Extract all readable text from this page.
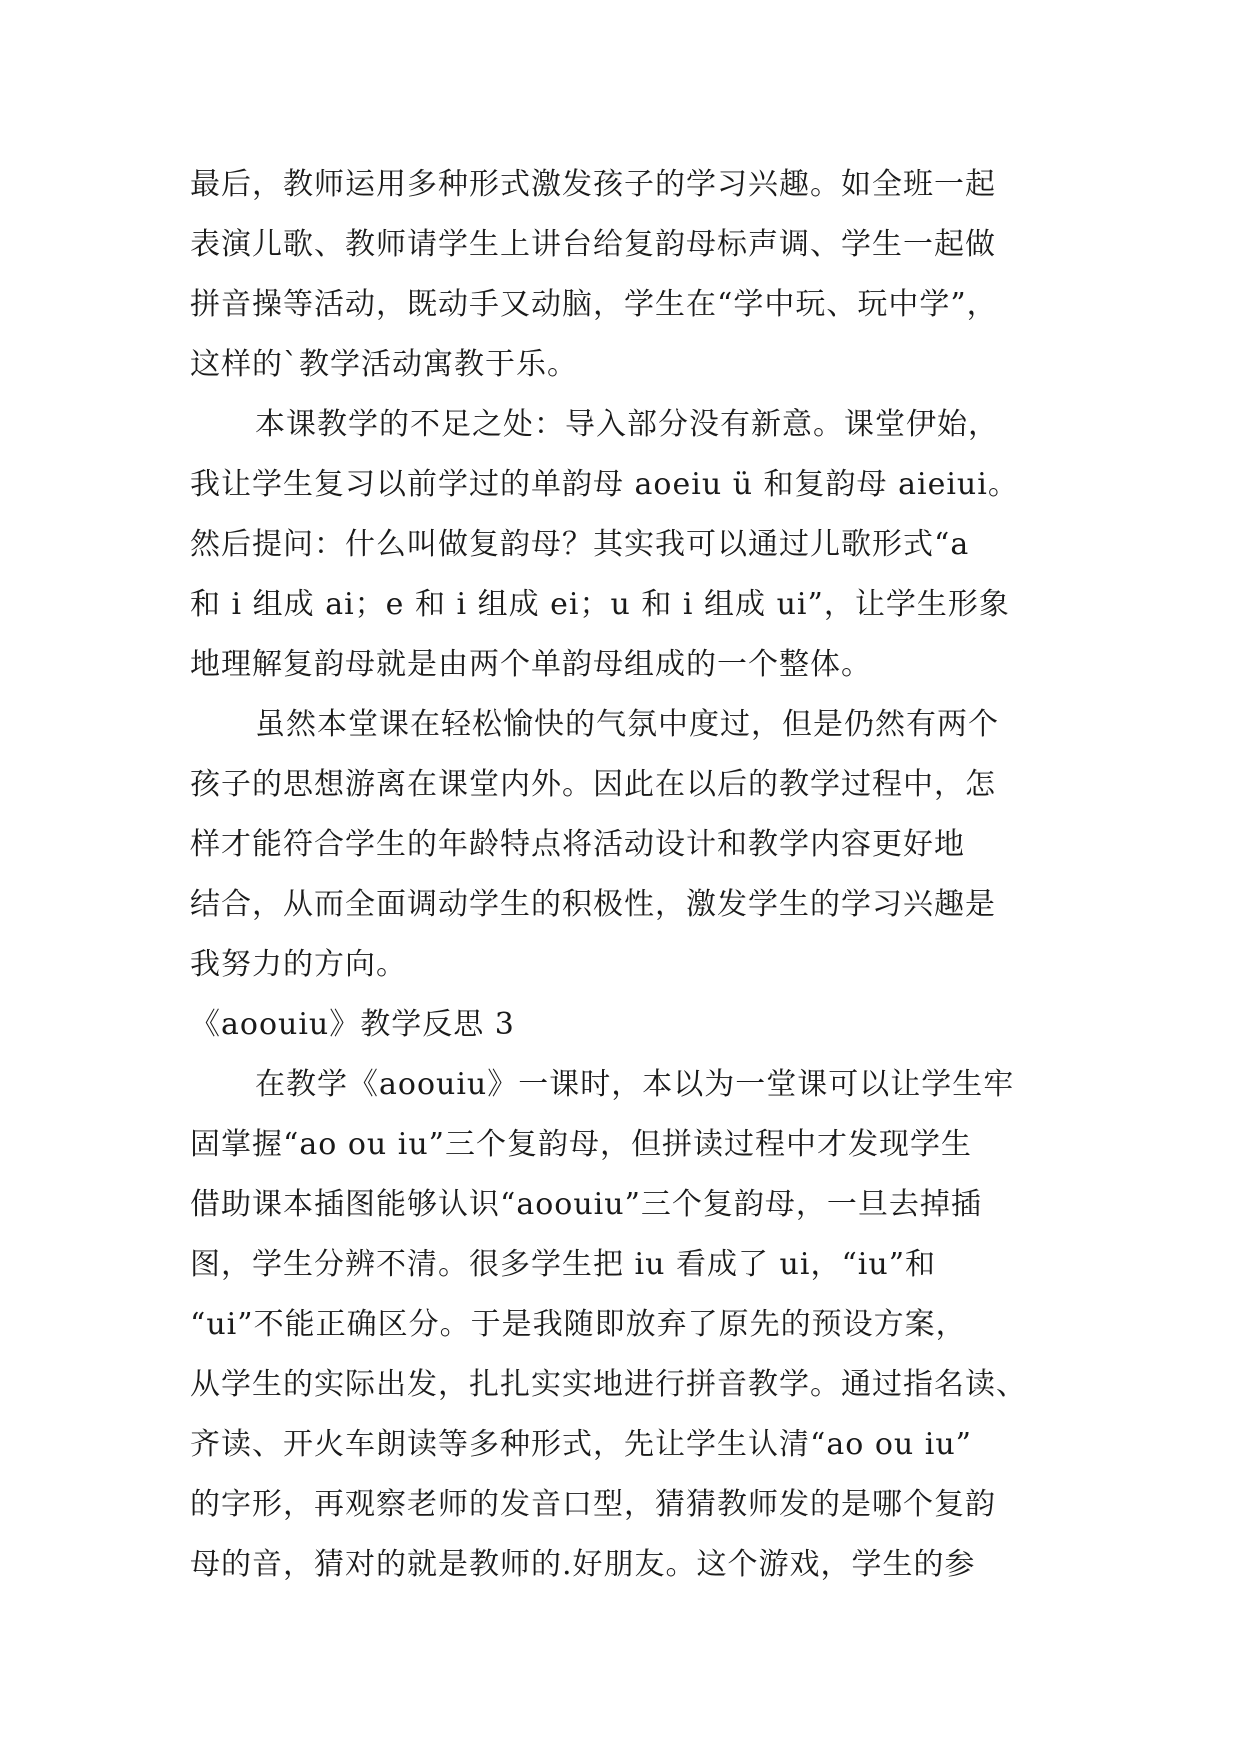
最后，教师运用多种形式激发孩子的学习兴趣。如全班一起
表演儿歌、教师请学生上讲台给复韵母标声调、学生一起做
拼音操等活动，既动手又动脑，学生在“学中玩、玩中学”，
这样的`教学活动寓教于乐。
本课教学的不足之处：导入部分没有新意。课堂伊始，
我让学生复习以前学过的单韵母 aoeiu ü 和复韵母 aieiui。
然后提问：什么叫做复韵母？其实我可以通过儿歌形式“a
和 i 组成 ai；e 和 i 组成 ei；u 和 i 组成 ui”，让学生形象
地理解复韵母就是由两个单韵母组成的一个整体。
虽然本堂课在轻松愉快的气氛中度过，但是仍然有两个
孩子的思想游离在课堂内外。因此在以后的教学过程中，怎
样才能符合学生的年龄特点将活动设计和教学内容更好地
结合，从而全面调动学生的积极性，激发学生的学习兴趣是
我努力的方向。
《aoouiu》教学反思 3
在教学《aoouiu》一课时，本以为一堂课可以让学生牢
固掌握“ao ou iu”三个复韵母，但拼读过程中才发现学生
借助课本插图能够认识“aoouiu”三个复韵母，一旦去掉插
图，学生分辨不清。很多学生把 iu 看成了 ui，“iu”和
“ui”不能正确区分。于是我随即放弃了原先的预设方案，
从学生的实际出发，扎扎实实地进行拼音教学。通过指名读、
齐读、开火车朗读等多种形式，先让学生认清“ao ou iu”
的字形，再观察老师的发音口型，猜猜教师发的是哪个复韵
母的音，猜对的就是教师的.好朋友。这个游戏，学生的参
